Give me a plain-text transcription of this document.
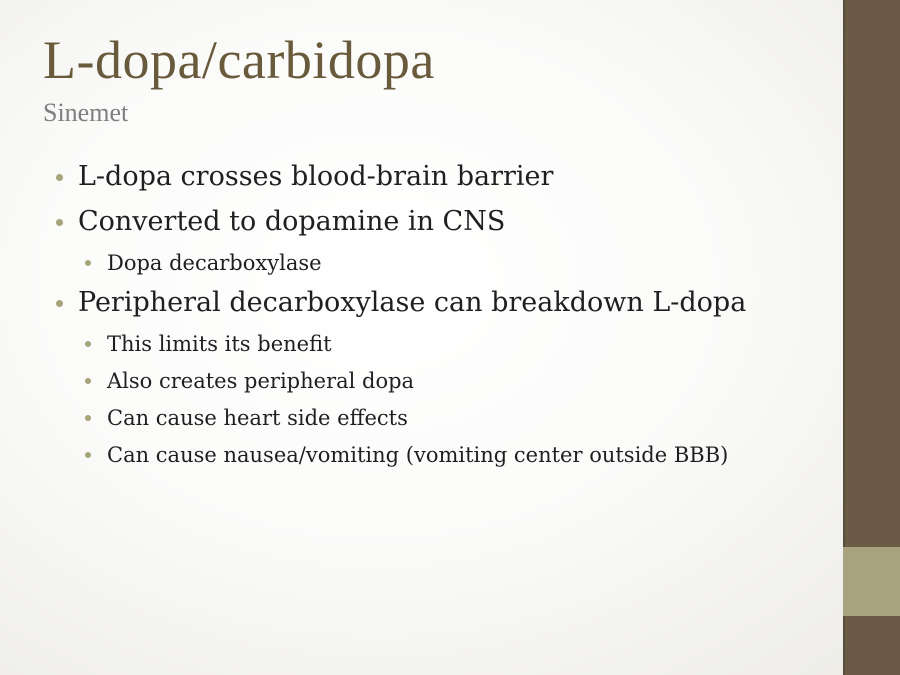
L-dopa/carbidopa
Sinemet
L-dopa crosses blood-brain barrier
Converted to dopamine in CNS
Dopa decarboxylase
Peripheral decarboxylase can breakdown L-dopa
This limits its benefit
Also creates peripheral dopa
Can cause heart side effects
Can cause nausea/vomiting (vomiting center outside BBB)
